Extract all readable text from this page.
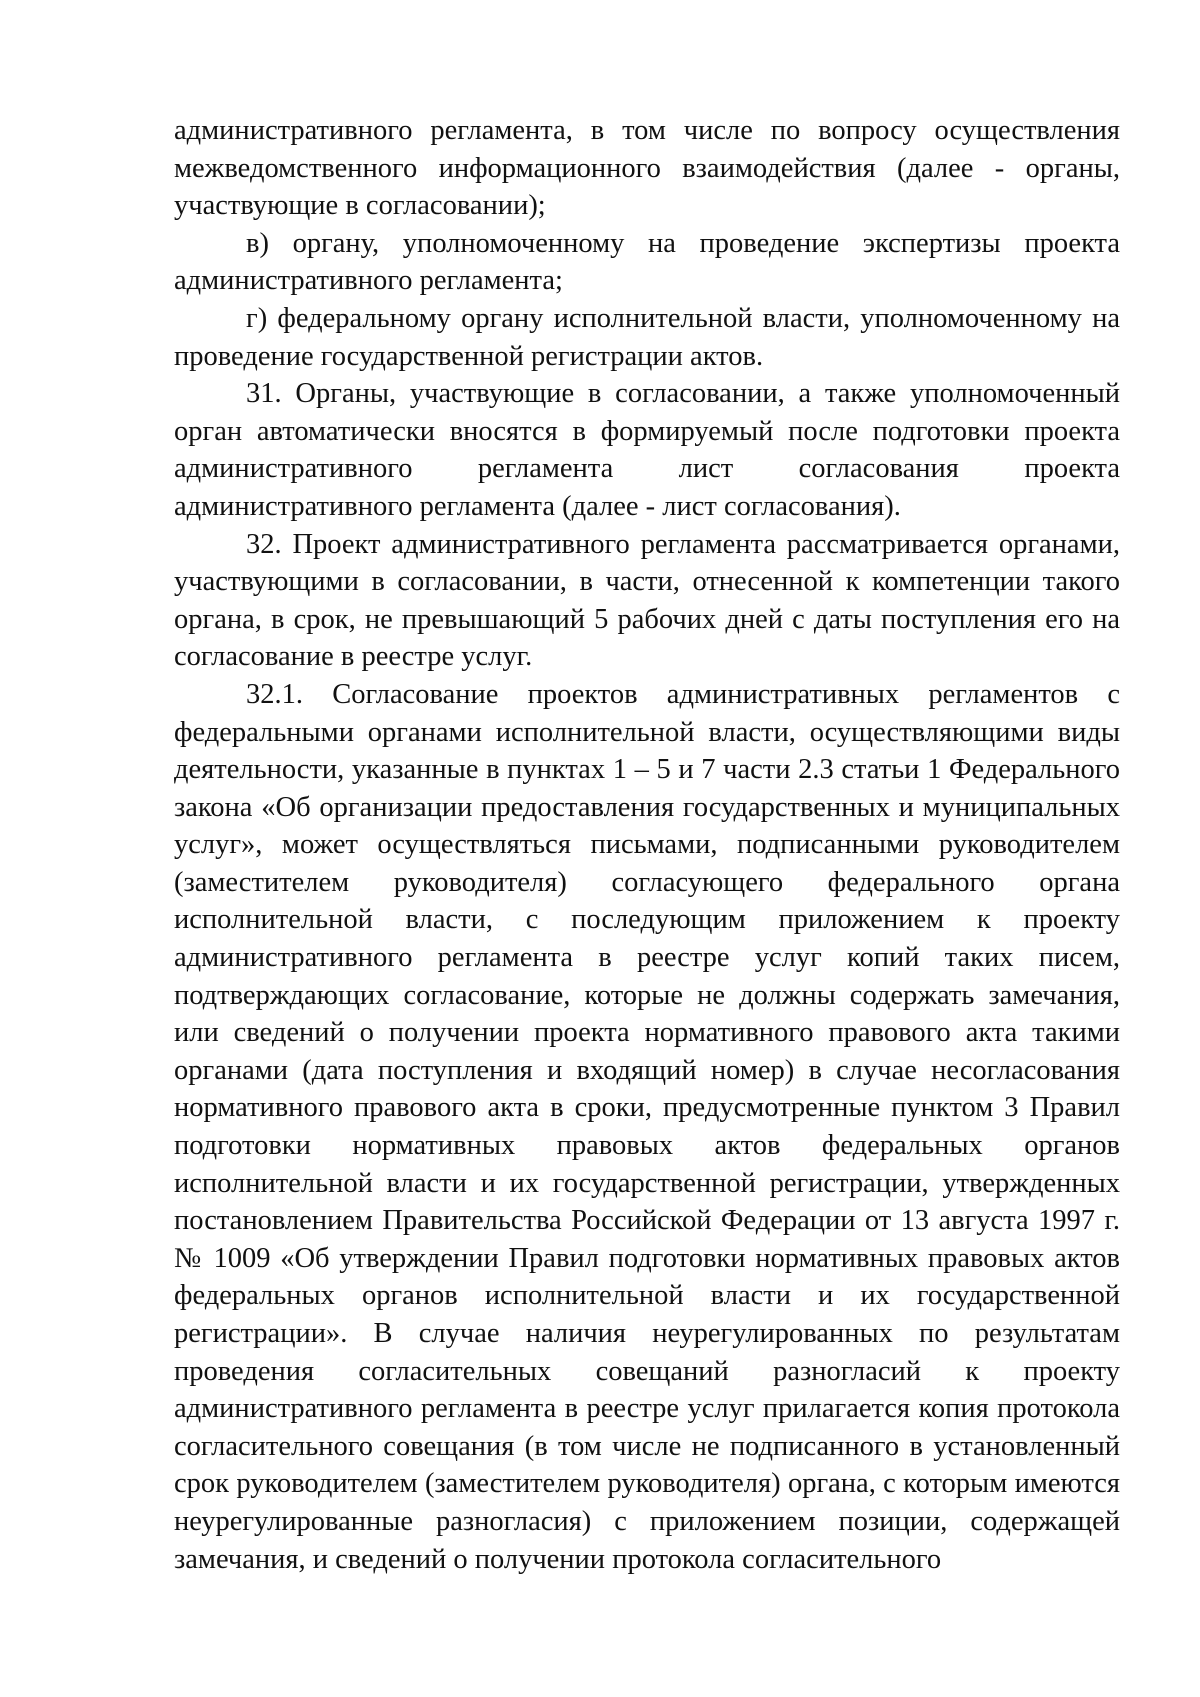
административного регламента, в том числе по вопросу осуществления межведомственного информационного взаимодействия (далее - органы, участвующие в согласовании);

в) органу, уполномоченному на проведение экспертизы проекта административного регламента;

г) федеральному органу исполнительной власти, уполномоченному на проведение государственной регистрации актов.

31. Органы, участвующие в согласовании, а также уполномоченный орган автоматически вносятся в формируемый после подготовки проекта административного регламента лист согласования проекта административного регламента (далее - лист согласования).

32. Проект административного регламента рассматривается органами, участвующими в согласовании, в части, отнесенной к компетенции такого органа, в срок, не превышающий 5 рабочих дней с даты поступления его на согласование в реестре услуг.

32.1. Согласование проектов административных регламентов с федеральными органами исполнительной власти, осуществляющими виды деятельности, указанные в пунктах 1 – 5 и 7 части 2.3 статьи 1 Федерального закона «Об организации предоставления государственных и муниципальных услуг», может осуществляться письмами, подписанными руководителем (заместителем руководителя) согласующего федерального органа исполнительной власти, с последующим приложением к проекту административного регламента в реестре услуг копий таких писем, подтверждающих согласование, которые не должны содержать замечания, или сведений о получении проекта нормативного правового акта такими органами (дата поступления и входящий номер) в случае несогласования нормативного правового акта в сроки, предусмотренные пунктом 3 Правил подготовки нормативных правовых актов федеральных органов исполнительной власти и их государственной регистрации, утвержденных постановлением Правительства Российской Федерации от 13 августа 1997 г. № 1009 «Об утверждении Правил подготовки нормативных правовых актов федеральных органов исполнительной власти и их государственной регистрации». В случае наличия неурегулированных по результатам проведения согласительных совещаний разногласий к проекту административного регламента в реестре услуг прилагается копия протокола согласительного совещания (в том числе не подписанного в установленный срок руководителем (заместителем руководителя) органа, с которым имеются неурегулированные разногласия) с приложением позиции, содержащей замечания, и сведений о получении протокола согласительного
